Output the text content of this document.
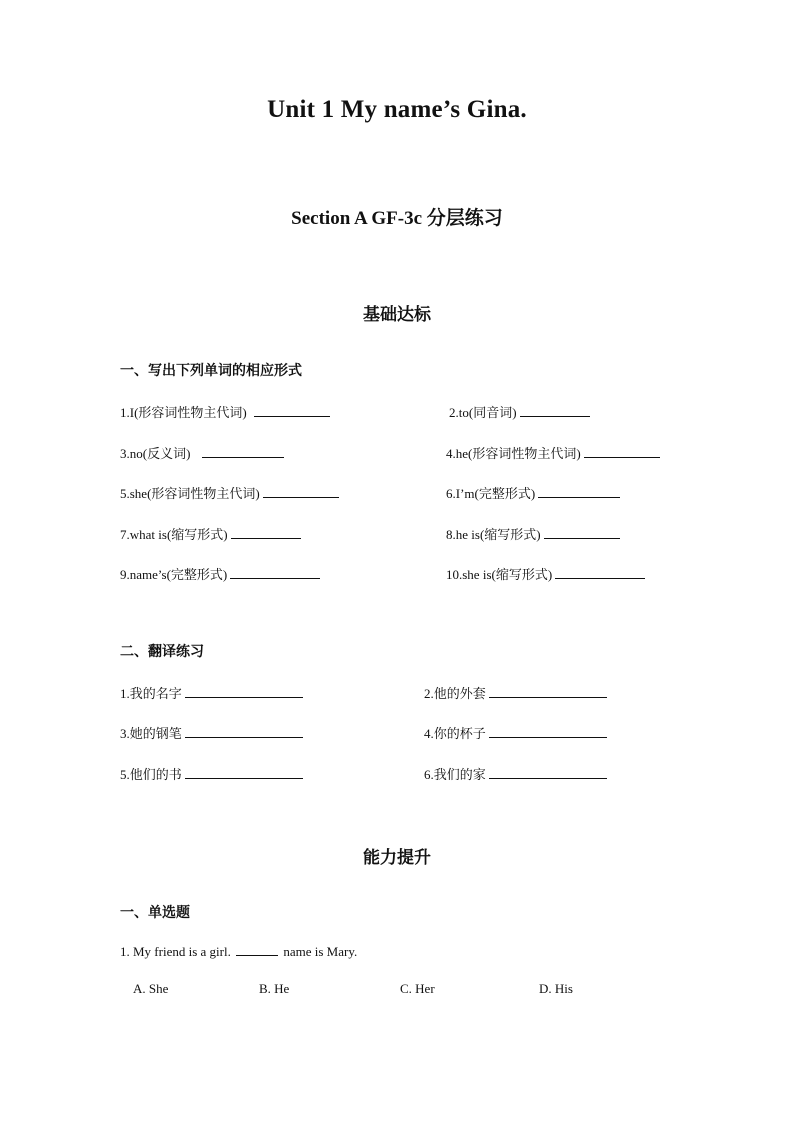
Unit 1 My name’s Gina.
Section A GF-3c 分层练习
基础达标
一、写出下列单词的相应形式
1.I(形容词性物主代词)	2.to(同音词)
3.no(反义词)	4.he(形容词性物主代词)
5.she(形容词性物主代词)	6.I’m(完整形式)
7.what is(缩写形式)	8.he is(缩写形式)
9.name’s(完整形式)	10.she is(缩写形式)
二、翻译练习
1.我的名字	2.他的外套
3.她的钢笔	4.你的杯子
5.他们的书	6.我们的家
能力提升
一、单选题
1. My friend is a girl.	name is Mary.
A. She	B. He	C. Her	D. His
